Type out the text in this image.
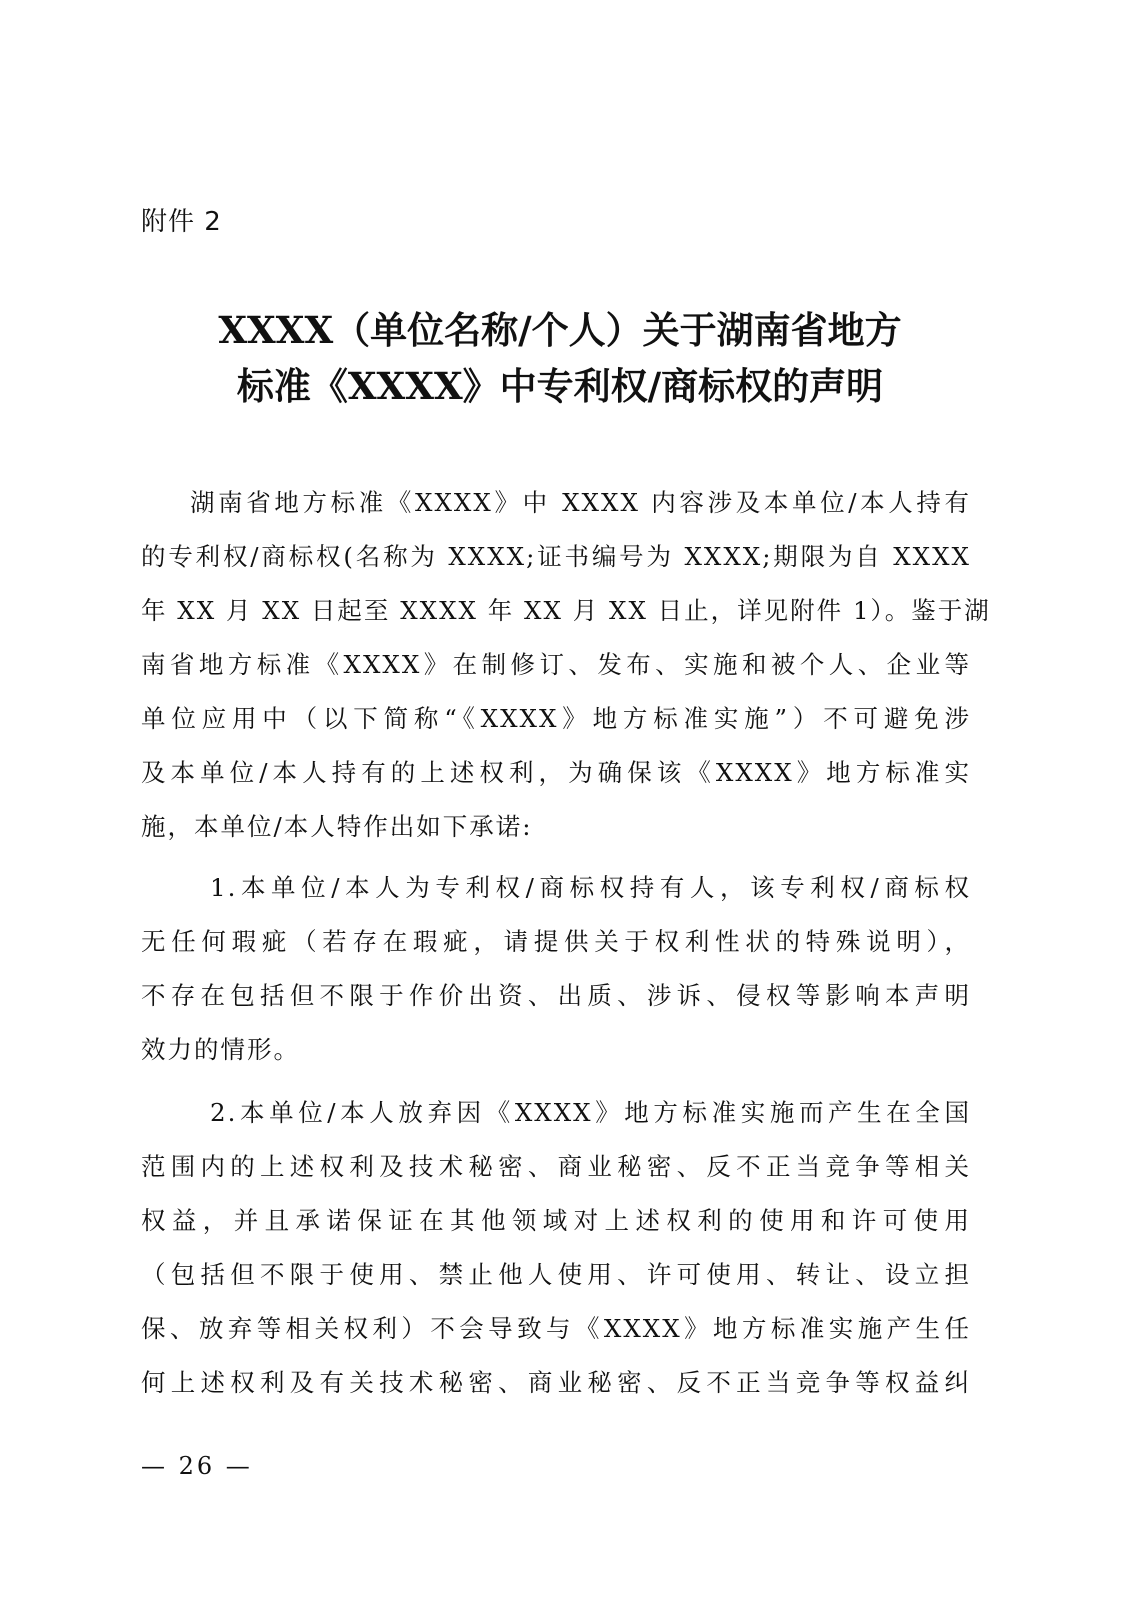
附件 2
XXXX（单位名称/个人）关于湖南省地方
标准《XXXX》中专利权/商标权的声明
湖南省地方标准《XXXX》中 XXXX 内容涉及本单位/本人持有
的专利权/商标权(名称为 XXXX;证书编号为 XXXX;期限为自 XXXX
年 XX 月 XX 日起至 XXXX 年 XX 月 XX 日止，详见附件 1）。鉴于湖
南省地方标准《XXXX》在制修订、发布、实施和被个人、企业等
单位应用中（以下简称“《XXXX》地方标准实施”）不可避免涉
及本单位/本人持有的上述权利，为确保该《XXXX》地方标准实
施，本单位/本人特作出如下承诺:
1.本单位/本人为专利权/商标权持有人，该专利权/商标权
无任何瑕疵（若存在瑕疵，请提供关于权利性状的特殊说明），
不存在包括但不限于作价出资、出质、涉诉、侵权等影响本声明
效力的情形。
2.本单位/本人放弃因《XXXX》地方标准实施而产生在全国
范围内的上述权利及技术秘密、商业秘密、反不正当竞争等相关
权益，并且承诺保证在其他领域对上述权利的使用和许可使用
（包括但不限于使用、禁止他人使用、许可使用、转让、设立担
保、放弃等相关权利）不会导致与《XXXX》地方标准实施产生任
何上述权利及有关技术秘密、商业秘密、反不正当竞争等权益纠
— 26 —
